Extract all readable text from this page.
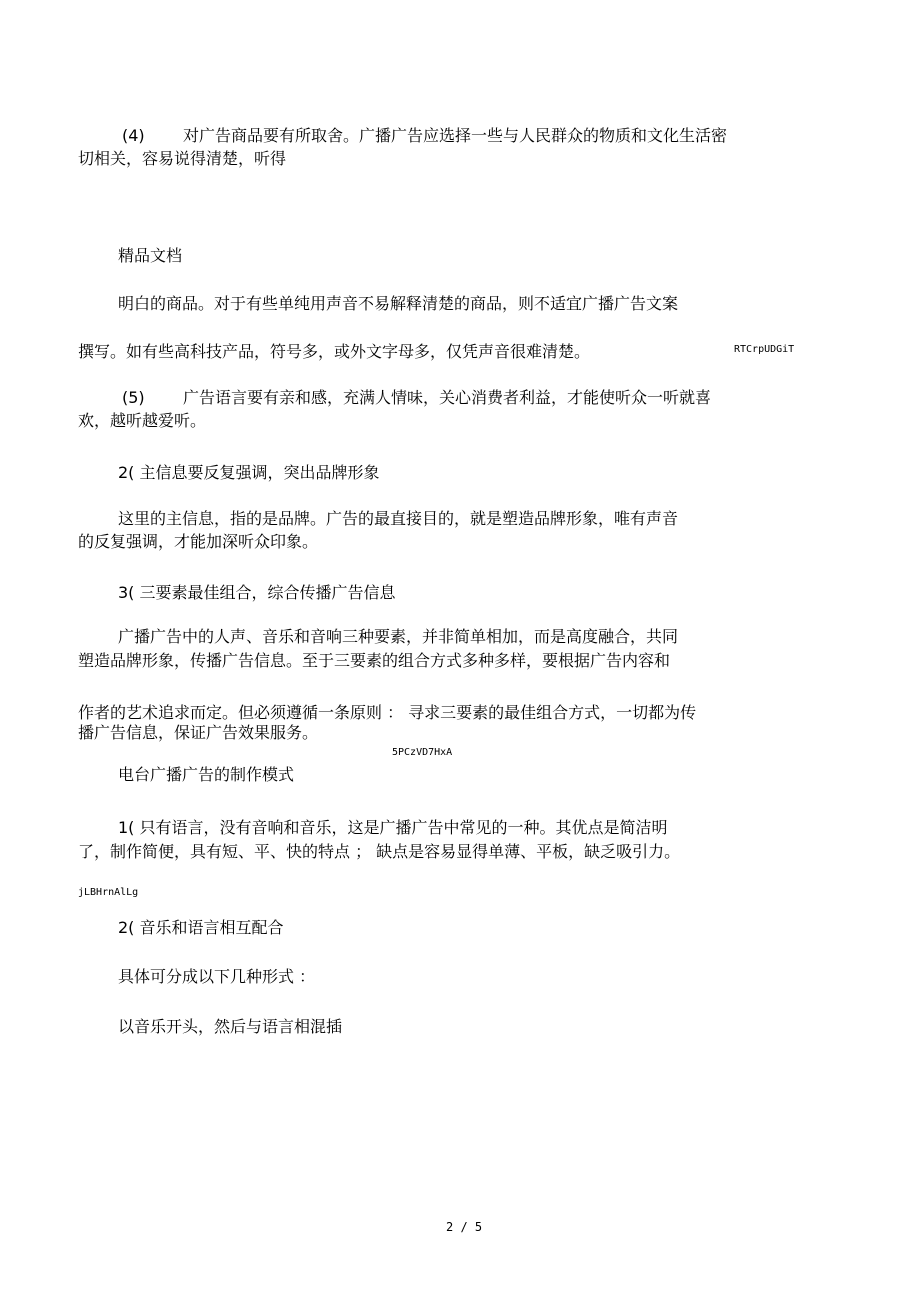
(4) 对广告商品要有所取舍。广播广告应选择一些与人民群众的物质和文化生活密
切相关，容易说得清楚，听得
精品文档
明白的商品。对于有些单纯用声音不易解释清楚的商品，则不适宜广播广告文案
撰写。如有些高科技产品，符号多，或外文字母多，仅凭声音很难清楚。	RTCrpUDGiT
(5) 广告语言要有亲和感，充满人情味，关心消费者利益，才能使听众一听就喜
欢，越听越爱听。
2( 主信息要反复强调，突出品牌形象
这里的主信息，指的是品牌。广告的最直接目的，就是塑造品牌形象，唯有声音
的反复强调，才能加深听众印象。
3( 三要素最佳组合，综合传播广告信息
广播广告中的人声、音乐和音响三种要素，并非简单相加，而是高度融合，共同
塑造品牌形象，传播广告信息。至于三要素的组合方式多种多样，要根据广告内容和
作者的艺术追求而定。但必须遵循一条原则 ： 寻求三要素的最佳组合方式，一切都为传
播广告信息，保证广告效果服务。
5PCzVD7HxA
电台广播广告的制作模式
1( 只有语言，没有音响和音乐，这是广播广告中常见的一种。其优点是简洁明
了，制作简便，具有短、平、快的特点 ； 缺点是容易显得单薄、平板，缺乏吸引力。
jLBHrnAlLg
2( 音乐和语言相互配合
具体可分成以下几种形式 ：
以音乐开头，然后与语言相混插
2 / 5
